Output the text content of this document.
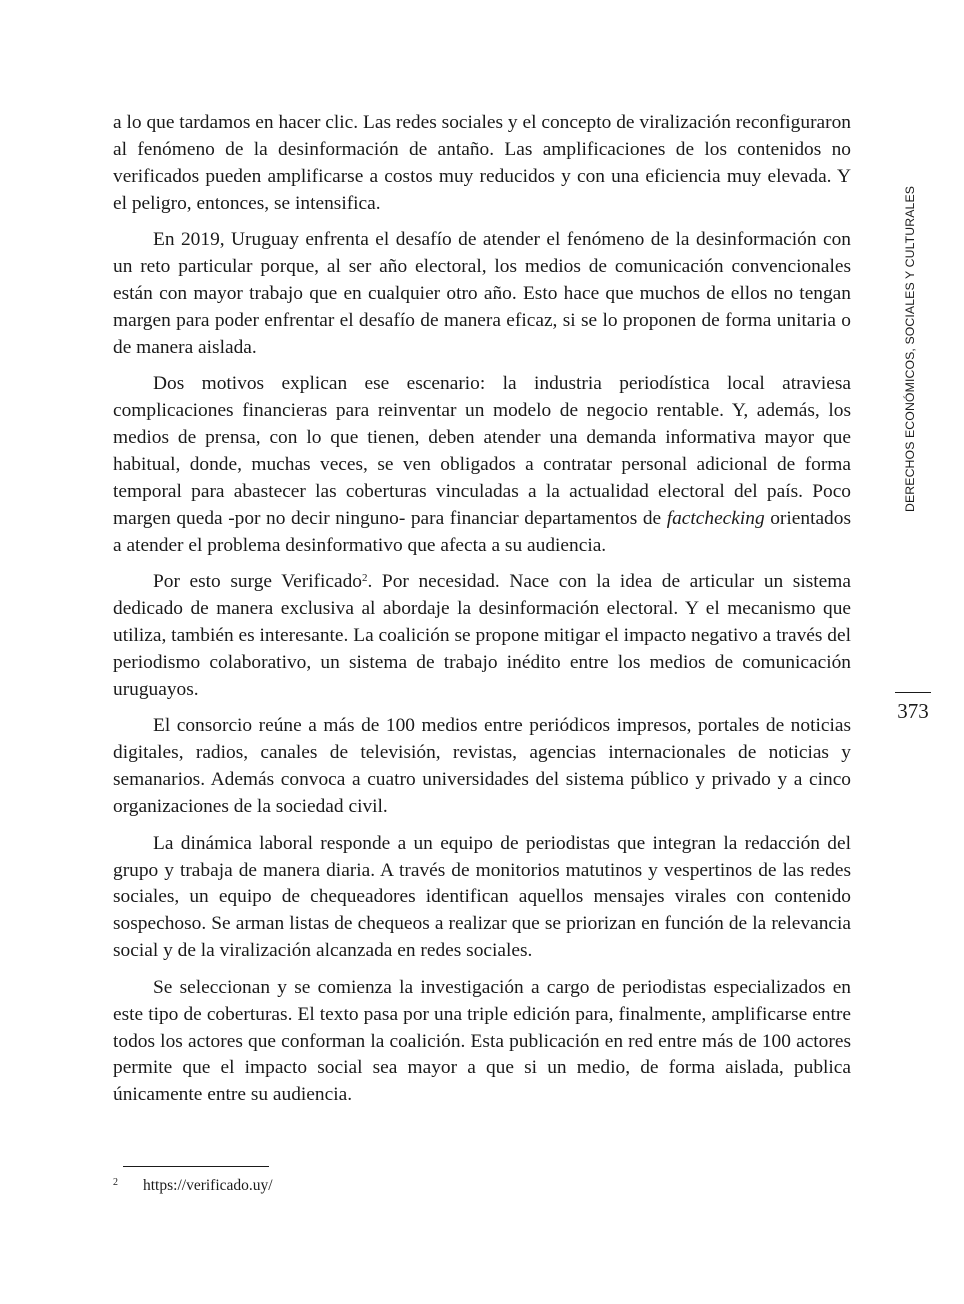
a lo que tardamos en hacer clic. Las redes sociales y el concepto de viralización reconfiguraron al fenómeno de la desinformación de antaño. Las amplificaciones de los contenidos no verificados pueden amplificarse a costos muy reducidos y con una eficiencia muy elevada. Y el peligro, entonces, se intensifica.

En 2019, Uruguay enfrenta el desafío de atender el fenómeno de la desinformación con un reto particular porque, al ser año electoral, los medios de comunicación convencionales están con mayor trabajo que en cualquier otro año. Esto hace que muchos de ellos no tengan margen para poder enfrentar el desafío de manera eficaz, si se lo proponen de forma unitaria o de manera aislada.

Dos motivos explican ese escenario: la industria periodística local atraviesa complicaciones financieras para reinventar un modelo de negocio rentable. Y, además, los medios de prensa, con lo que tienen, deben atender una demanda informativa mayor que habitual, donde, muchas veces, se ven obligados a contratar personal adicional de forma temporal para abastecer las coberturas vinculadas a la actualidad electoral del país. Poco margen queda -por no decir ninguno- para financiar departamentos de factchecking orientados a atender el problema desinformativo que afecta a su audiencia.

Por esto surge Verificado$^2$. Por necesidad. Nace con la idea de articular un sistema dedicado de manera exclusiva al abordaje la desinformación electoral. Y el mecanismo que utiliza, también es interesante. La coalición se propone mitigar el impacto negativo a través del periodismo colaborativo, un sistema de trabajo inédito entre los medios de comunicación uruguayos.

El consorcio reúne a más de 100 medios entre periódicos impresos, portales de noticias digitales, radios, canales de televisión, revistas, agencias internacionales de noticias y semanarios. Además convoca a cuatro universidades del sistema público y privado y a cinco organizaciones de la sociedad civil.

La dinámica laboral responde a un equipo de periodistas que integran la redacción del grupo y trabaja de manera diaria. A través de monitorios matutinos y vespertinos de las redes sociales, un equipo de chequeadores identifican aquellos mensajes virales con contenido sospechoso. Se arman listas de chequeos a realizar que se priorizan en función de la relevancia social y de la viralización alcanzada en redes sociales.

Se seleccionan y se comienza la investigación a cargo de periodistas especializados en este tipo de coberturas. El texto pasa por una triple edición para, finalmente, amplificarse entre todos los actores que conforman la coalición. Esta publicación en red entre más de 100 actores permite que el impacto social sea mayor a que si un medio, de forma aislada, publica únicamente entre su audiencia.

DERECHOS ECONÓMICOS, SOCIALES Y CULTURALES
373
2 https://verificado.uy/
